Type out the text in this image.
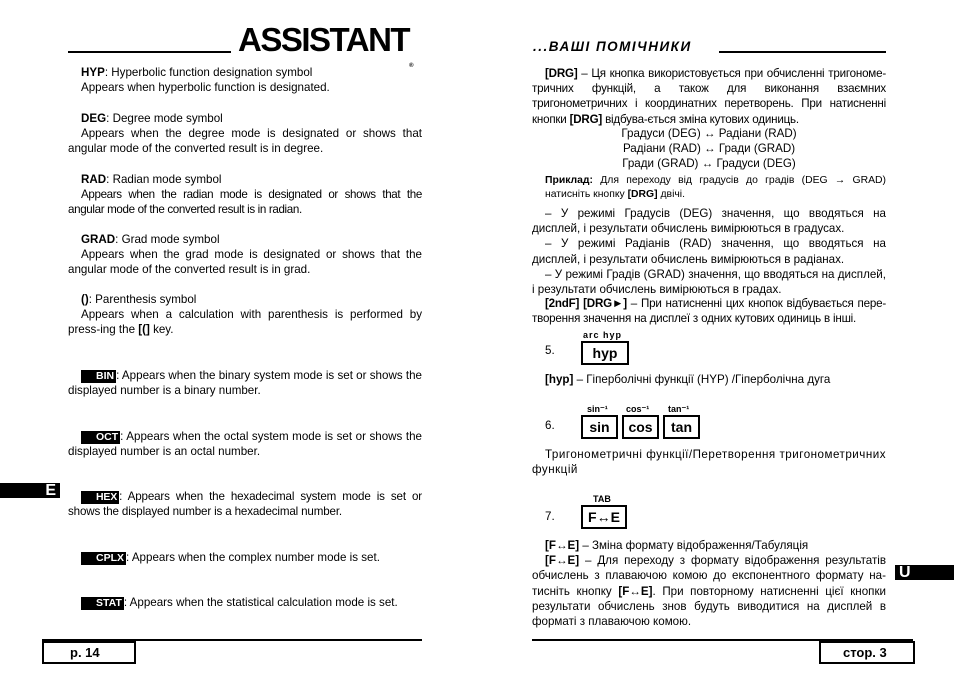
ASSISTANT®
...ВАШІ ПОМІЧНИКИ

HYP: Hyperbolic function designation symbol

Appears when hyperbolic function is designated.

DEG: Degree mode symbol

Appears when the degree mode is designated or shows that angular mode of the converted result is in degree.

RAD: Radian mode symbol

Appears when the radian mode is designated or shows that the angular mode of the converted result is in radian.

GRAD: Grad mode symbol

Appears when the grad mode is designated or shows that the angular mode of the converted result is in grad.

(): Parenthesis symbol

Appears when a calculation with parenthesis is performed by press-ing the [(] key.

BIN : Appears when the binary system mode is set or shows the displayed number is a binary number.

OCT : Appears when the octal system mode is set or shows the displayed number is an octal number.

HEX : Appears when the hexadecimal system mode is set or shows the displayed number is a hexadecimal number.

CPLX : Appears when the complex number mode is set.

STAT : Appears when the statistical calculation mode is set.

E
p. 14

[DRG] – Ця кнопка використовується при обчисленні тригономе-тричних функцій, а також для виконання взаємних тригонометричних і координатних перетворень. При натисненні кнопки [DRG] відбува-ється зміна кутових одиниць.

Градуси (DEG) ↔ Радіани (RAD)

Радіани (RAD) ↔ Гради (GRAD)

Гради (GRAD) ↔ Градуси (DEG)

Приклад: Для переходу від градусів до градів (DEG → GRAD) натисніть кнопку [DRG] двічі.

– У режимі Градусів (DEG) значення, що вводяться на дисплей, і результати обчислень вимірюються в градусах.

– У режимі Радіанів (RAD) значення, що вводяться на дисплей, і результати обчислень вимірюються в радіанах.

– У режимі Градів (GRAD) значення, що вводяться на дисплей, і результати обчислень вимірюються в градах.

[2ndF] [DRG►] – При натисненні цих кнопок відбувається пере-творення значення на дисплеї з одних кутових одиниць в інші.

5.
arc hyp
hyp

[hyp] – Гіперболічні функції (HYP) /Гіперболічна дуга

6.
sin⁻¹
sin
cos⁻¹
cos
tan⁻¹
tan

Тригонометричні функції/Перетворення тригонометричних функцій

7.
TAB
F↔E

[F↔E] – Зміна формату відображення/Табуляція

[F↔E] – Для переходу з формату відображення результатів обчислень з плаваючою комою до експонентного формату на-тисніть кнопку [F↔E]. При повторному натисненні цієї кнопки результати обчислень знов будуть виводитися на дисплей в форматі з плаваючою комою.

U
стор. 3
